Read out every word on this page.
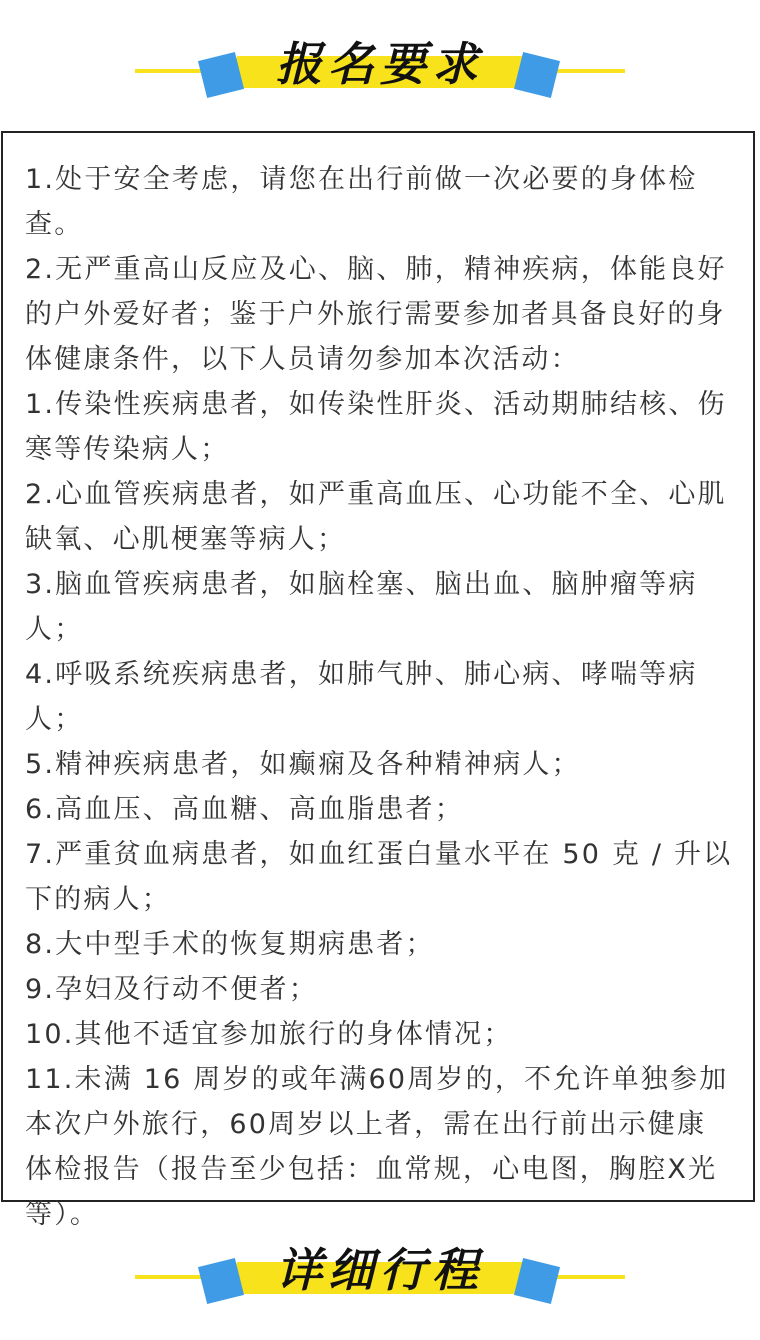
报名要求
1.处于安全考虑，请您在出行前做一次必要的身体检查。
2.无严重高山反应及心、脑、肺，精神疾病，体能良好的户外爱好者；鉴于户外旅行需要参加者具备良好的身体健康条件，以下人员请勿参加本次活动：
1.传染性疾病患者，如传染性肝炎、活动期肺结核、伤寒等传染病人；
2.心血管疾病患者，如严重高血压、心功能不全、心肌缺氧、心肌梗塞等病人；
3.脑血管疾病患者，如脑栓塞、脑出血、脑肿瘤等病人；
4.呼吸系统疾病患者，如肺气肿、肺心病、哮喘等病人；
5.精神疾病患者，如癫痫及各种精神病人；
6.高血压、高血糖、高血脂患者；
7.严重贫血病患者，如血红蛋白量水平在 50 克 / 升以下的病人；
8.大中型手术的恢复期病患者；
9.孕妇及行动不便者；
10.其他不适宜参加旅行的身体情况；
11.未满 16 周岁的或年满60周岁的，不允许单独参加本次户外旅行，60周岁以上者，需在出行前出示健康体检报告（报告至少包括：血常规，心电图，胸腔X光等）。
详细行程
